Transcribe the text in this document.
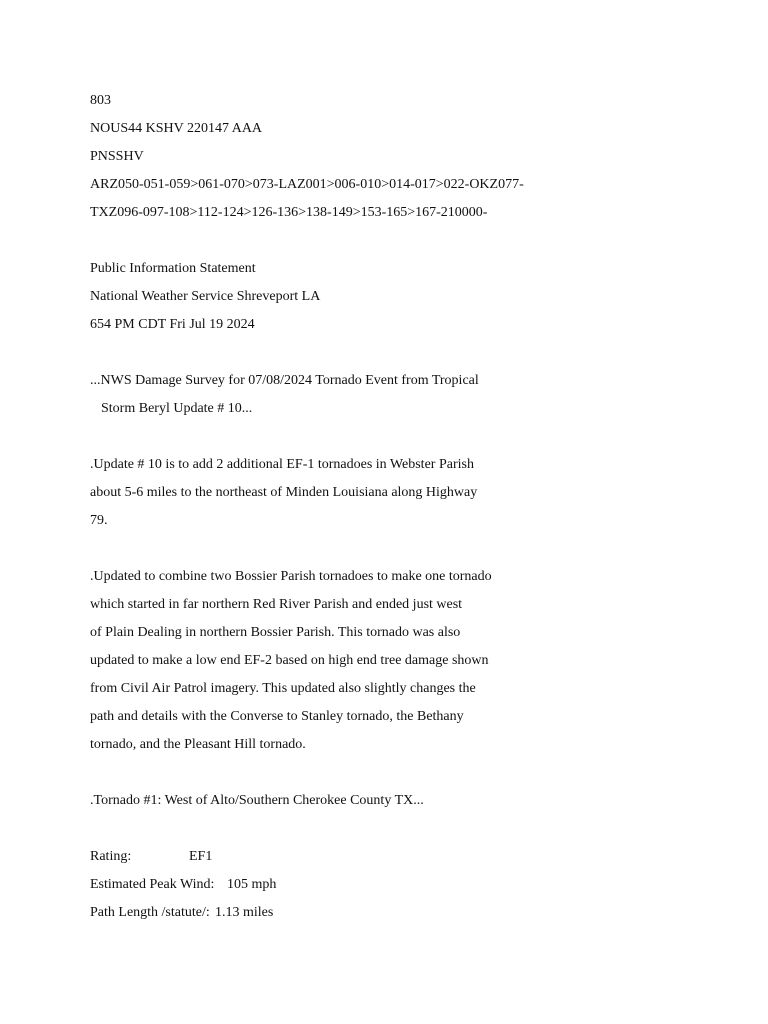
803
NOUS44 KSHV 220147 AAA
PNSSHV
ARZ050-051-059>061-070>073-LAZ001>006-010>014-017>022-OKZ077-
TXZ096-097-108>112-124>126-136>138-149>153-165>167-210000-
Public Information Statement
National Weather Service Shreveport LA
654 PM CDT Fri Jul 19 2024
...NWS Damage Survey for 07/08/2024 Tornado Event from Tropical
Storm Beryl Update # 10...
.Update # 10 is to add 2 additional EF-1 tornadoes in Webster Parish
about 5-6 miles to the northeast of Minden Louisiana along Highway
79.
.Updated to combine two Bossier Parish tornadoes to make one tornado
which started in far northern Red River Parish and ended just west
of Plain Dealing in northern Bossier Parish. This tornado was also
updated to make a low end EF-2 based on high end tree damage shown
from Civil Air Patrol imagery. This updated also slightly changes the
path and details with the Converse to Stanley tornado, the Bethany
tornado, and the Pleasant Hill tornado.
.Tornado #1: West of Alto/Southern Cherokee County TX...
Rating:	EF1
Estimated Peak Wind: 105 mph
Path Length /statute/: 1.13 miles
